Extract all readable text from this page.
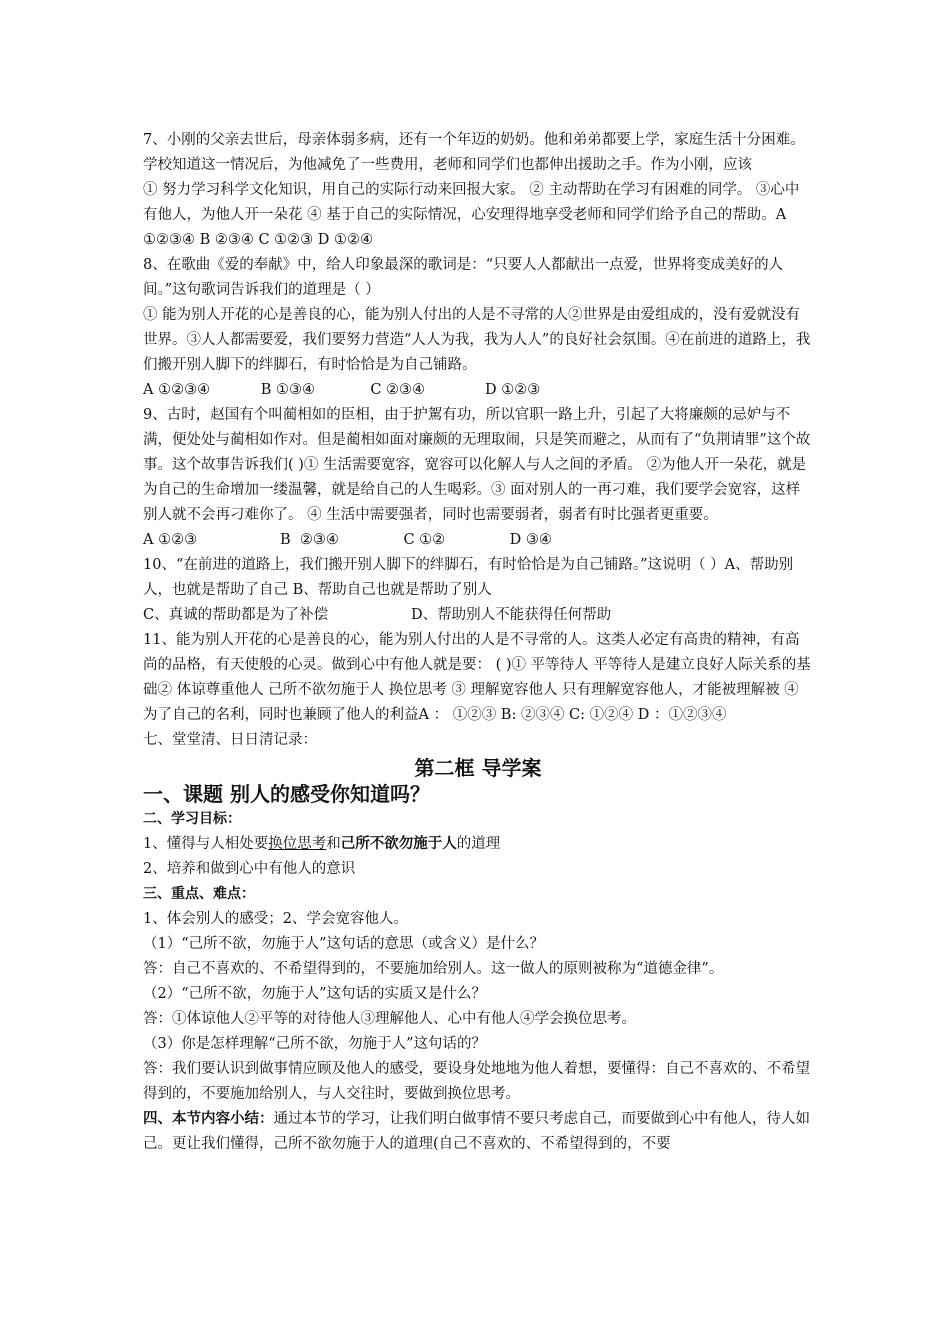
7、小刚的父亲去世后，母亲体弱多病，还有一个年迈的奶奶。他和弟弟都要上学，家庭生活十分困难。学校知道这一情况后，为他减免了一些费用，老师和同学们也都伸出援助之手。作为小刚，应该

① 努力学习科学文化知识，用自己的实际行动来回报大家。 ② 主动帮助在学习有困难的同学。 ③心中有他人，为他人开一朵花 ④ 基于自己的实际情况，心安理得地享受老师和同学们给予自己的帮助。A ①②③④ B ②③④ C ①②③ D ①②④

8、在歌曲《爱的奉献》中，给人印象最深的歌词是：“只要人人都献出一点爱，世界将变成美好的人间。”这句歌词告诉我们的道理是（ ）

① 能为别人开花的心是善良的心，能为别人付出的人是不寻常的人②世界是由爱组成的，没有爱就没有世界。③人人都需要爱，我们要努力营造“人人为我，我为人人”的良好社会氛围。④在前进的道路上，我们搬开别人脚下的绊脚石，有时恰恰是为自己铺路。

A ①②③④           B ①③④            C ②③④             D ①②③

9、古时，赵国有个叫蔺相如的臣相，由于护駕有功，所以官职一路上升，引起了大将廉颇的忌妒与不满，便处处与蔺相如作对。但是蔺相如面对廉颇的无理取闹，只是笑而避之，从而有了“负荆请罪”这个故事。这个故事告诉我们( )① 生活需要宽容，宽容可以化解人与人之间的矛盾。 ②为他人开一朵花，就是为自己的生命增加一缕温馨，就是给自己的人生喝彩。③ 面对别人的一再刁难，我们要学会宽容，这样别人就不会再刁难你了。 ④ 生活中需要强者，同时也需要弱者，弱者有时比强者更重要。

A ①②③                  B  ②③④              C ①②              D ③④

10、“在前进的道路上，我们搬开别人脚下的绊脚石，有时恰恰是为自己铺路。”这说明（ ）A、帮助别人，也就是帮助了自己 B、帮助自己也就是帮助了别人

C、真诚的帮助都是为了补偿                  D、帮助别人不能获得任何帮助

11、能为别人开花的心是善良的心，能为别人付出的人是不寻常的人。这类人必定有高贵的精神，有高尚的品格，有天使般的心灵。做到心中有他人就是要： ( )① 平等待人 平等待人是建立良好人际关系的基础② 体谅尊重他人 己所不欲勿施于人 换位思考 ③ 理解宽容他人 只有理解宽容他人，才能被理解被 ④ 为了自己的名利，同时也兼顾了他人的利益A ： ①②③ B: ②③④ C: ①②④ D ：①②③④

七、堂堂清、日日清记录：

第二框 导学案
一、课题 别人的感受你知道吗？
二、学习目标：

1、懂得与人相处要换位思考和己所不欲勿施于人的道理

2、培养和做到心中有他人的意识

三、重点、难点：

1、体会别人的感受；2、学会宽容他人。

（1）“己所不欲，勿施于人”这句话的意思（或含义）是什么？

答：自己不喜欢的、不希望得到的，不要施加给别人。这一做人的原则被称为“道德金律”。

（2）“己所不欲，勿施于人”这句话的实质又是什么？

答：①体谅他人②平等的对待他人③理解他人、心中有他人④学会换位思考。

（3）你是怎样理解“己所不欲，勿施于人”这句话的？

答：我们要认识到做事情应顾及他人的感受，要设身处地地为他人着想，要懂得：自己不喜欢的、不希望得到的，不要施加给别人，与人交往时，要做到换位思考。

四、本节内容小结：通过本节的学习，让我们明白做事情不要只考虑自己，而要做到心中有他人，待人如己。更让我们懂得，己所不欲勿施于人的道理(自己不喜欢的、不希望得到的，不要
